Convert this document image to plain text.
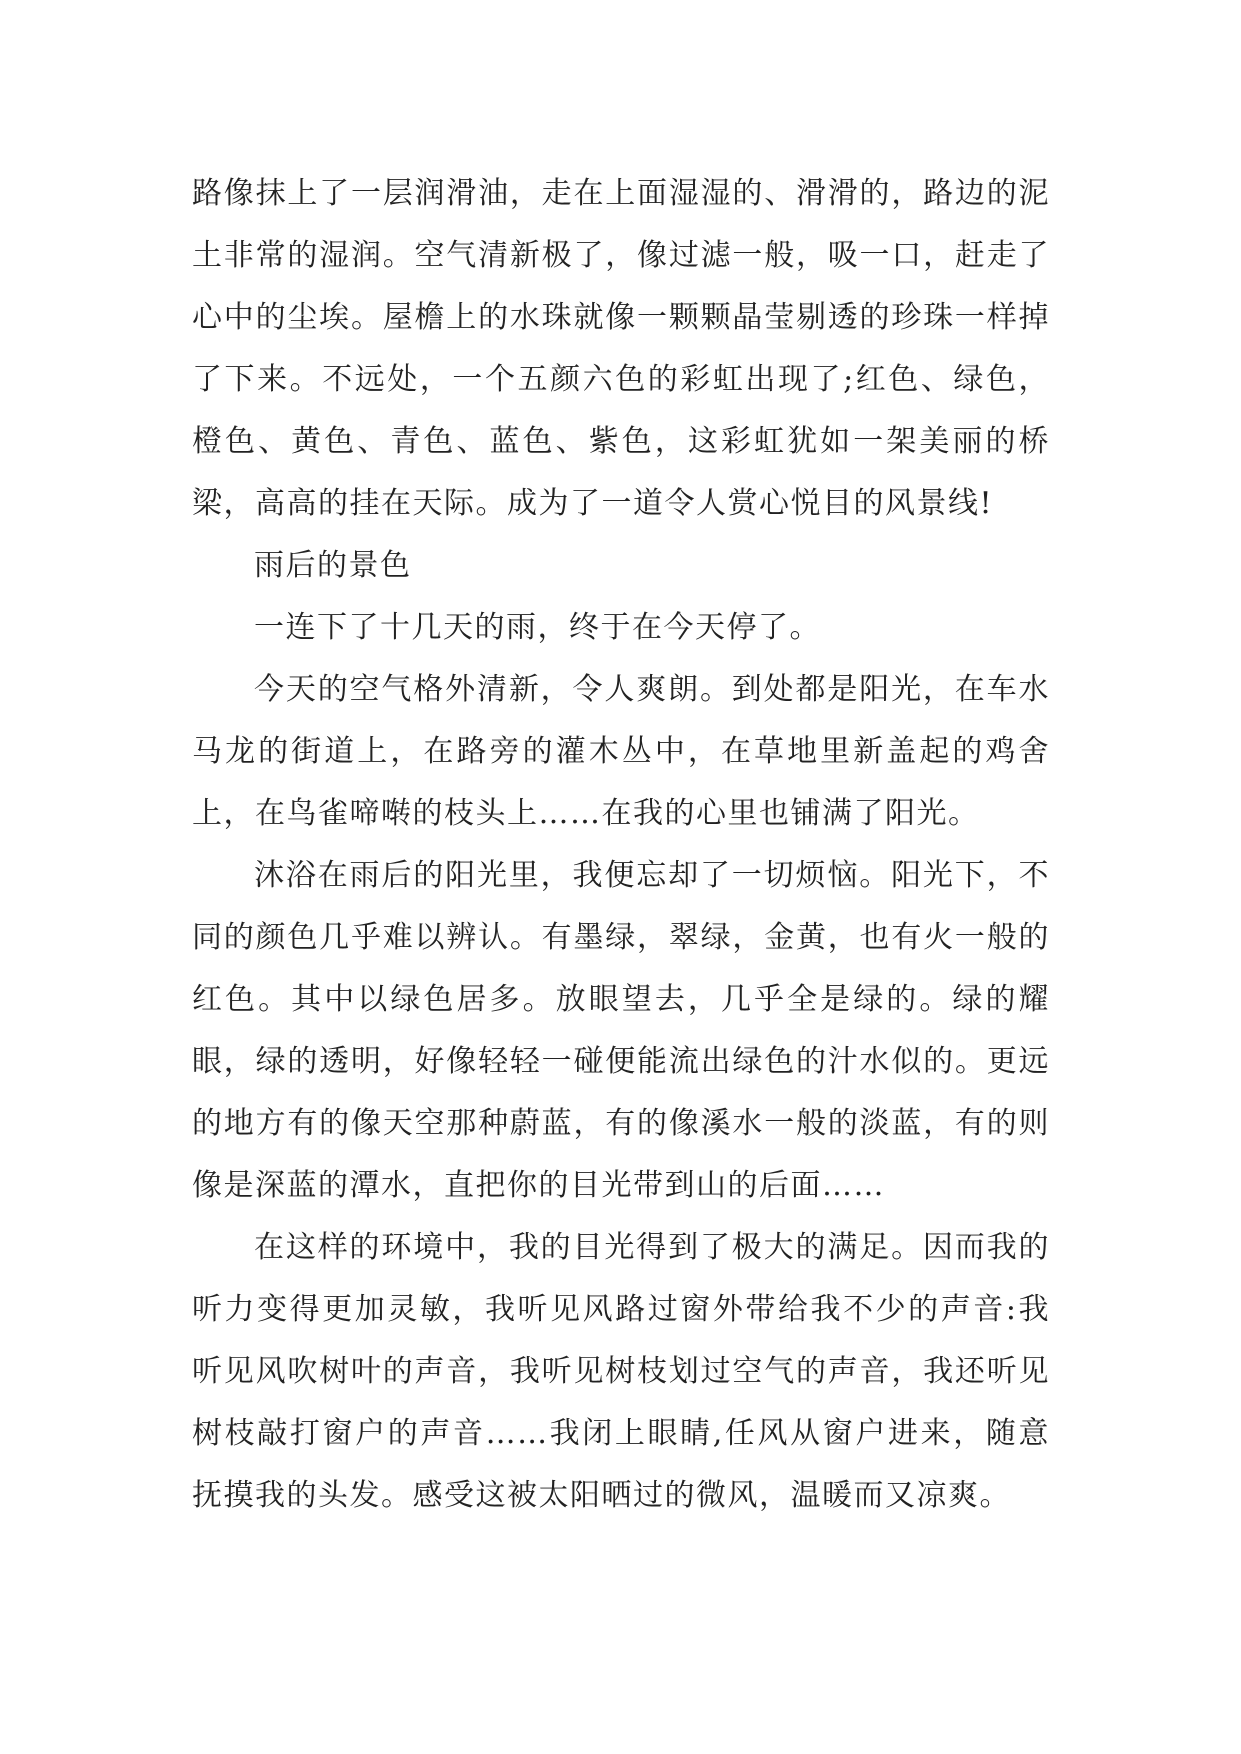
路像抹上了一层润滑油，走在上面湿湿的、滑滑的，路边的泥土非常的湿润。空气清新极了，像过滤一般，吸一口，赶走了心中的尘埃。屋檐上的水珠就像一颗颗晶莹剔透的珍珠一样掉了下来。不远处，一个五颜六色的彩虹出现了;红色、绿色，橙色、黄色、青色、蓝色、紫色，这彩虹犹如一架美丽的桥梁，高高的挂在天际。成为了一道令人赏心悦目的风景线!

雨后的景色

一连下了十几天的雨，终于在今天停了。

今天的空气格外清新，令人爽朗。到处都是阳光，在车水马龙的街道上，在路旁的灌木丛中，在草地里新盖起的鸡舍上，在鸟雀啼啭的枝头上……在我的心里也铺满了阳光。

沐浴在雨后的阳光里，我便忘却了一切烦恼。阳光下，不同的颜色几乎难以辨认。有墨绿，翠绿，金黄，也有火一般的红色。其中以绿色居多。放眼望去，几乎全是绿的。绿的耀眼，绿的透明，好像轻轻一碰便能流出绿色的汁水似的。更远的地方有的像天空那种蔚蓝，有的像溪水一般的淡蓝，有的则像是深蓝的潭水，直把你的目光带到山的后面……

在这样的环境中，我的目光得到了极大的满足。因而我的听力变得更加灵敏，我听见风路过窗外带给我不少的声音:我听见风吹树叶的声音，我听见树枝划过空气的声音，我还听见树枝敲打窗户的声音……我闭上眼睛,任风从窗户进来，随意抚摸我的头发。感受这被太阳晒过的微风，温暖而又凉爽。
